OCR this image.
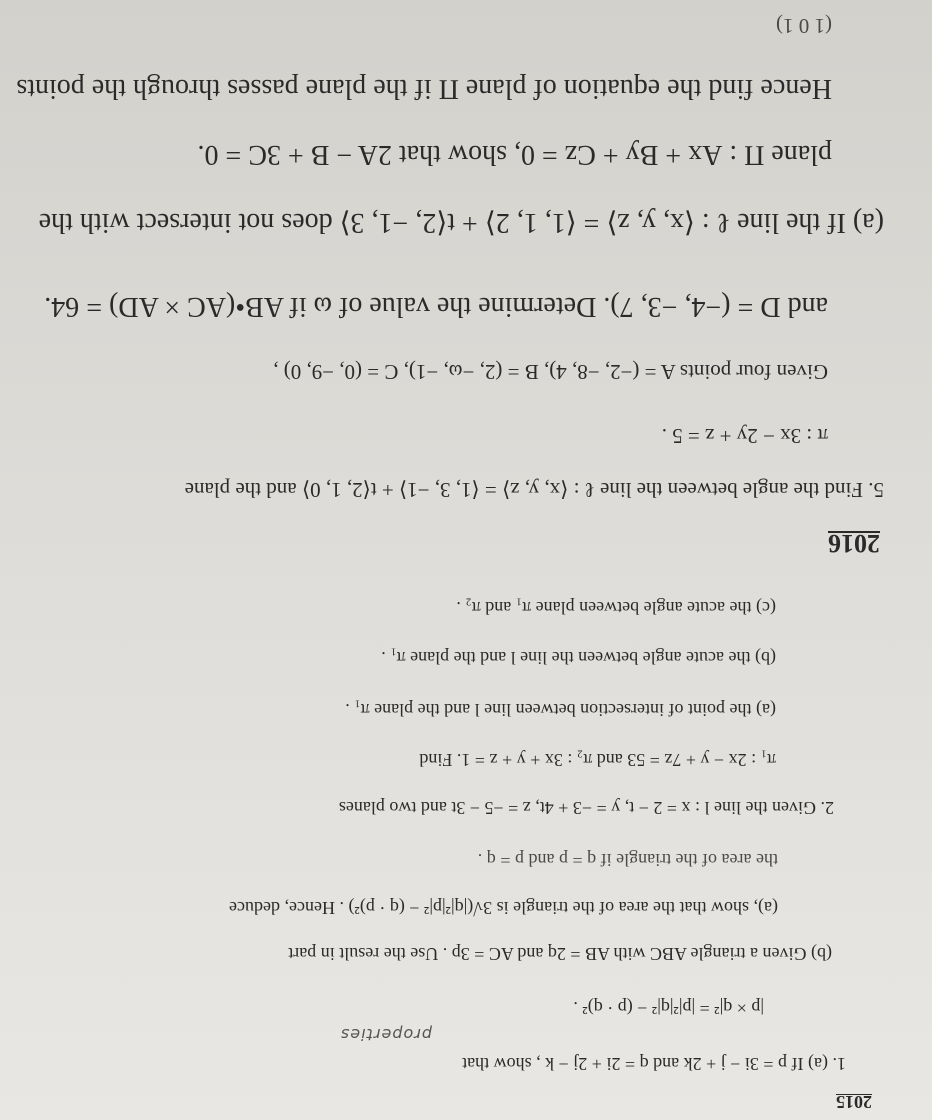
2015
1. (a) If p = 3i − j + 2k and q = 2i + 2j − k , show that
properties
|p × q|² = |p|²|q|² − (p · q)² .
(b) Given a triangle ABC with AB = 2q and AC = 3p . Use the result in part
(a), show that the area of the triangle is 3√(|q|²|p|² − (q · p)²) . Hence, deduce
the area of the triangle if q = p and p = q .
2. Given the line l : x = 2 − t, y = −3 + 4t, z = −5 − 3t and two planes
π₁ : 2x − y + 7z = 53 and π₂ : 3x + y + z = 1. Find
(a) the point of intersection between line l and the plane π₁ .
(b) the acute angle between the line l and the plane π₁ .
(c) the acute angle between plane π₁ and π₂ .
2016
5. Find the angle between the line ℓ : ⟨x, y, z⟩ = ⟨1, 3, −1⟩ + t⟨2, 1, 0⟩ and the plane
π : 3x − 2y + z = 5 .
Given four points A = (−2, −8, 4), B = (2, −ω, −1), C = (0, −9, 0) ,
and D = (−4, −3, 7). Determine the value of ω if AB•(AC × AD) = 64.
(a) If the line ℓ : ⟨x, y, z⟩ = ⟨1, 1, 2⟩ + t⟨2, −1, 3⟩ does not intersect with the
plane Π : Ax + By + Cz = 0, show that 2A − B + 3C = 0.
Hence find the equation of plane Π if the plane passes through the points
(1 0 1)
